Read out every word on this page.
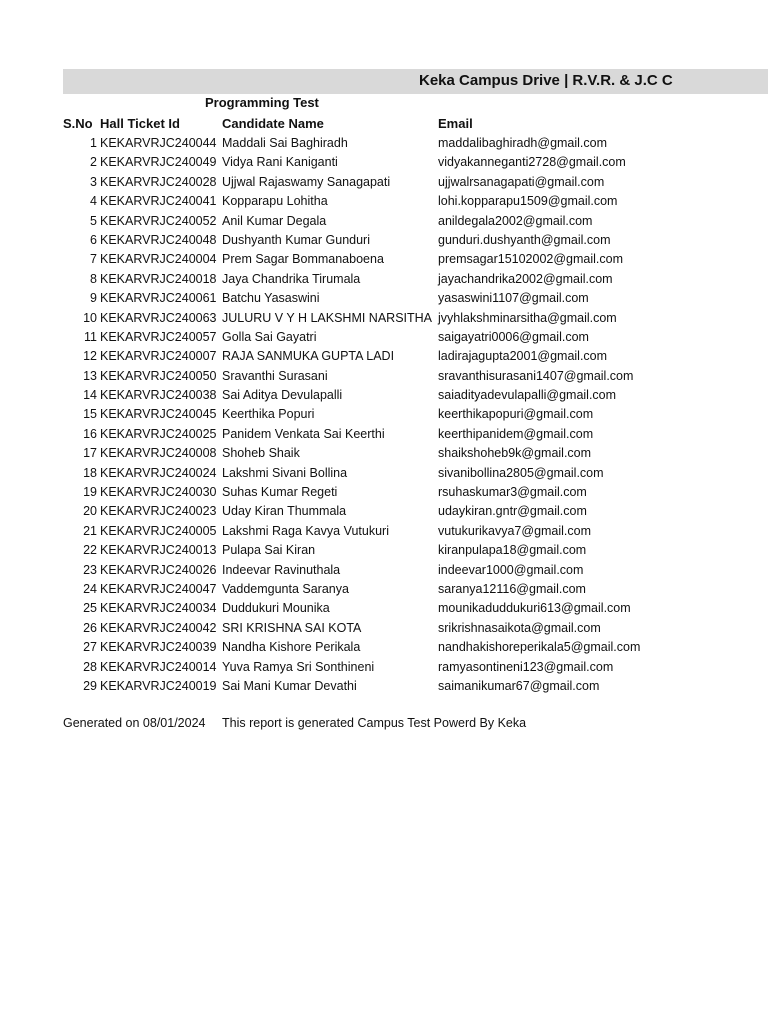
Keka Campus Drive | R.V.R. & J.C C
Programming Test
S.No Hall Ticket Id	Candidate Name	Email
1 KEKARVRJC240044 Maddali Sai Baghiradh	maddalibaghiradh@gmail.com
2 KEKARVRJC240049 Vidya Rani Kaniganti	vidyakanneganti2728@gmail.com
3 KEKARVRJC240028 Ujjwal Rajaswamy Sanagapati	ujjwalrsanagapati@gmail.com
4 KEKARVRJC240041 Kopparapu Lohitha	lohi.kopparapu1509@gmail.com
5 KEKARVRJC240052 Anil Kumar Degala	anildegala2002@gmail.com
6 KEKARVRJC240048 Dushyanth Kumar Gunduri	gunduri.dushyanth@gmail.com
7 KEKARVRJC240004 Prem Sagar Bommanaboena	premsagar15102002@gmail.com
8 KEKARVRJC240018 Jaya Chandrika Tirumala	jayachandrika2002@gmail.com
9 KEKARVRJC240061 Batchu Yasaswini	yasaswini1107@gmail.com
10 KEKARVRJC240063 JULURU V Y H LAKSHMI NARSITHA jvyhlakshminarsitha@gmail.com
11 KEKARVRJC240057 Golla Sai Gayatri	saigayatri0006@gmail.com
12 KEKARVRJC240007 RAJA SANMUKA GUPTA LADI	ladirajagupta2001@gmail.com
13 KEKARVRJC240050 Sravanthi Surasani	sravanthisurasani1407@gmail.com
14 KEKARVRJC240038 Sai Aditya Devulapalli	saiadityadevulapalli@gmail.com
15 KEKARVRJC240045 Keerthika Popuri	keerthikapopuri@gmail.com
16 KEKARVRJC240025 Panidem Venkata Sai Keerthi	keerthipanidem@gmail.com
17 KEKARVRJC240008 Shoheb Shaik	shaikshoheb9k@gmail.com
18 KEKARVRJC240024 Lakshmi Sivani Bollina	sivanibollina2805@gmail.com
19 KEKARVRJC240030 Suhas Kumar Regeti	rsuhaskumar3@gmail.com
20 KEKARVRJC240023 Uday Kiran Thummala	udaykiran.gntr@gmail.com
21 KEKARVRJC240005 Lakshmi Raga Kavya Vutukuri	vutukurikavya7@gmail.com
22 KEKARVRJC240013 Pulapa Sai Kiran	kiranpulapa18@gmail.com
23 KEKARVRJC240026 Indeevar Ravinuthala	indeevar1000@gmail.com
24 KEKARVRJC240047 Vaddemgunta Saranya	saranya12116@gmail.com
25 KEKARVRJC240034 Duddukuri Mounika	mounikaduddukuri613@gmail.com
26 KEKARVRJC240042 SRI KRISHNA SAI KOTA	srikrishnasaikota@gmail.com
27 KEKARVRJC240039 Nandha Kishore Perikala	nandhakishoreperikala5@gmail.com
28 KEKARVRJC240014 Yuva Ramya Sri Sonthineni	ramyasontineni123@gmail.com
29 KEKARVRJC240019 Sai Mani Kumar Devathi	saimanikumar67@gmail.com
Generated on 08/01/2024 This report is generated Campus Test Powerd By Keka
